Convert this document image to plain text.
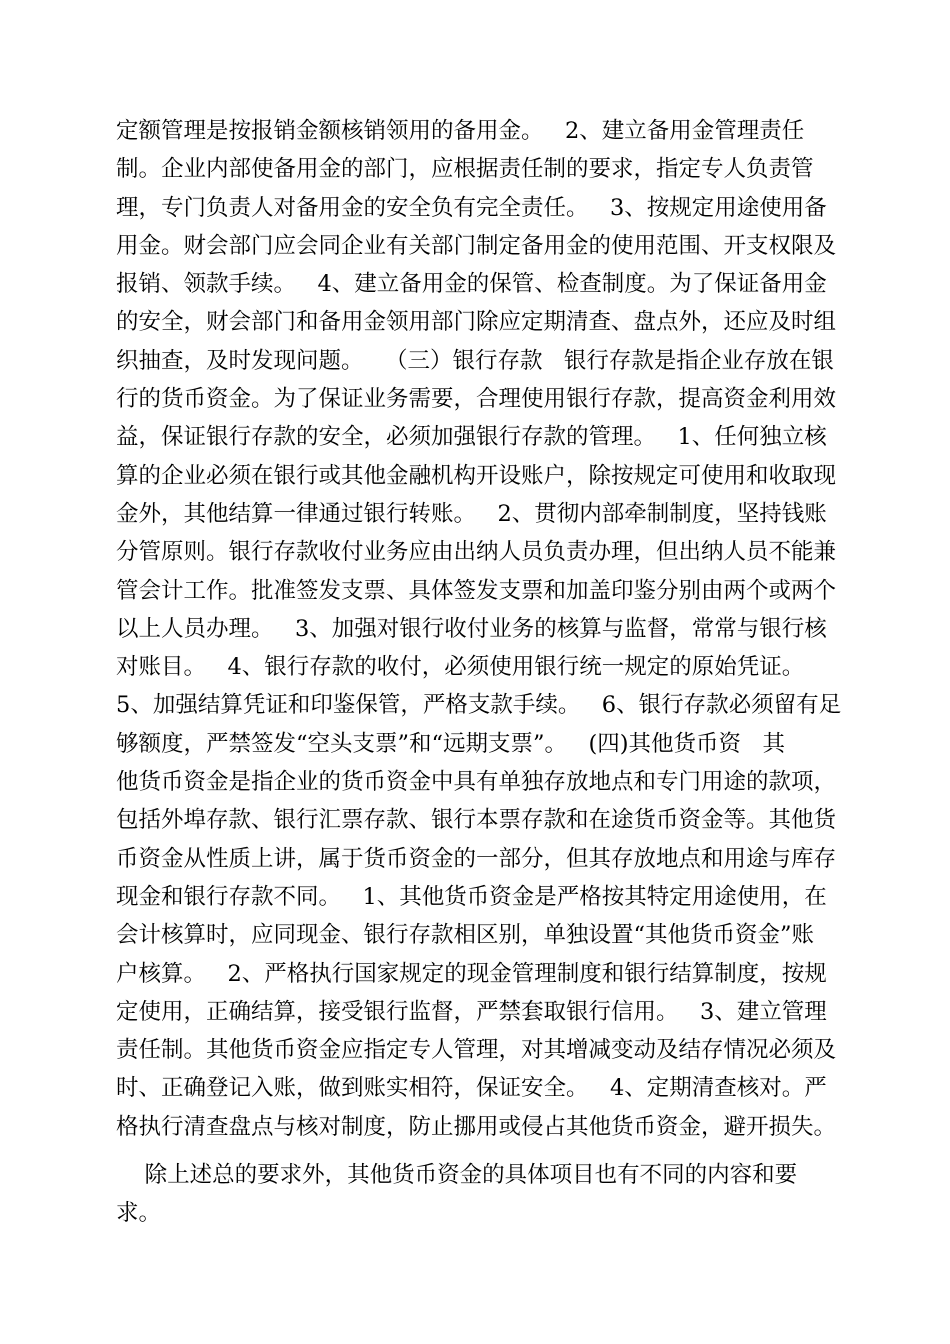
定额管理是按报销金额核销领用的备用金。   2、建立备用金管理责任
制。企业内部使备用金的部门，应根据责任制的要求，指定专人负责管
理，专门负责人对备用金的安全负有完全责任。   3、按规定用途使用备
用金。财会部门应会同企业有关部门制定备用金的使用范围、开支权限及
报销、领款手续。   4、建立备用金的保管、检查制度。为了保证备用金
的安全，财会部门和备用金领用部门除应定期清查、盘点外，还应及时组
织抽查，及时发现问题。   （三）银行存款   银行存款是指企业存放在银
行的货币资金。为了保证业务需要，合理使用银行存款，提高资金利用效
益，保证银行存款的安全，必须加强银行存款的管理。   1、任何独立核
算的企业必须在银行或其他金融机构开设账户，除按规定可使用和收取现
金外，其他结算一律通过银行转账。   2、贯彻内部牵制制度，坚持钱账
分管原则。银行存款收付业务应由出纳人员负责办理，但出纳人员不能兼
管会计工作。批准签发支票、具体签发支票和加盖印鉴分别由两个或两个
以上人员办理。   3、加强对银行收付业务的核算与监督，常常与银行核
对账目。   4、银行存款的收付，必须使用银行统一规定的原始凭证。
5、加强结算凭证和印鉴保管，严格支款手续。   6、银行存款必须留有足
够额度，严禁签发“空头支票”和“远期支票”。   (四)其他货币资   其
他货币资金是指企业的货币资金中具有单独存放地点和专门用途的款项，
包括外埠存款、银行汇票存款、银行本票存款和在途货币资金等。其他货
币资金从性质上讲，属于货币资金的一部分，但其存放地点和用途与库存
现金和银行存款不同。   1、其他货币资金是严格按其特定用途使用，在
会计核算时，应同现金、银行存款相区别，单独设置“其他货币资金”账
户核算。   2、严格执行国家规定的现金管理制度和银行结算制度，按规
定使用，正确结算，接受银行监督，严禁套取银行信用。   3、建立管理
责任制。其他货币资金应指定专人管理，对其增减变动及结存情况必须及
时、正确登记入账，做到账实相符，保证安全。   4、定期清查核对。严
格执行清查盘点与核对制度，防止挪用或侵占其他货币资金，避开损失。
除上述总的要求外，其他货币资金的具体项目也有不同的内容和要
求。
